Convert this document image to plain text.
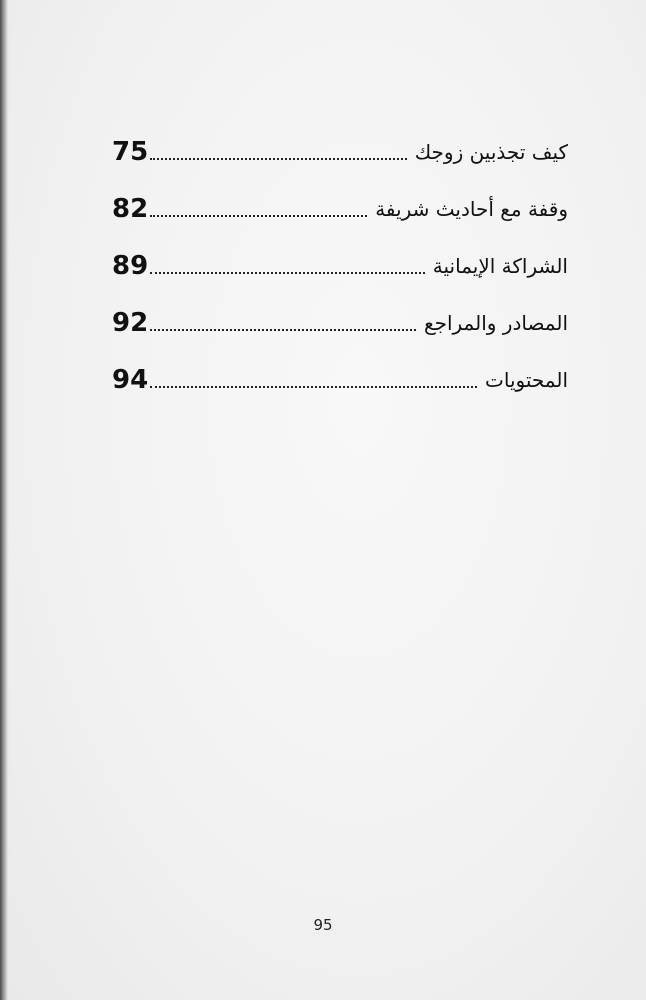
75	كيف تجذبين زوجك
82	وقفة مع أحاديث شريفة
89	الشراكة الإيمانية
92	المصادر والمراجع
94	المحتويات
95
